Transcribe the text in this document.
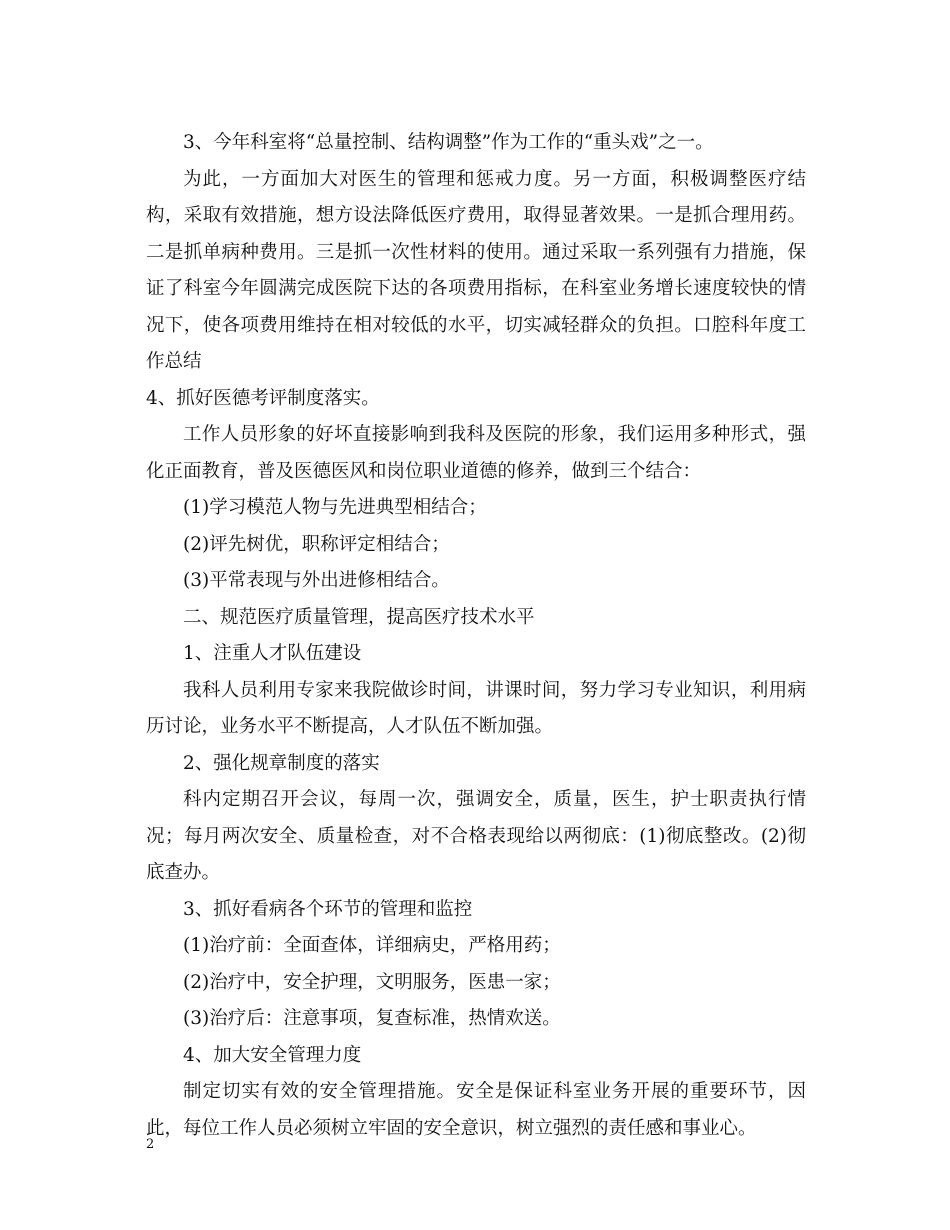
3、今年科室将“总量控制、结构调整”作为工作的“重头戏”之一。

为此，一方面加大对医生的管理和惩戒力度。另一方面，积极调整医疗结构，采取有效措施，想方设法降低医疗费用，取得显著效果。一是抓合理用药。二是抓单病种费用。三是抓一次性材料的使用。通过采取一系列强有力措施，保证了科室今年圆满完成医院下达的各项费用指标，在科室业务增长速度较快的情况下，使各项费用维持在相对较低的水平，切实减轻群众的负担。口腔科年度工作总结

4、抓好医德考评制度落实。

工作人员形象的好坏直接影响到我科及医院的形象，我们运用多种形式，强化正面教育，普及医德医风和岗位职业道德的修养，做到三个结合：

(1)学习模范人物与先进典型相结合；

(2)评先树优，职称评定相结合；

(3)平常表现与外出进修相结合。

二、规范医疗质量管理，提高医疗技术水平

1、注重人才队伍建设

我科人员利用专家来我院做诊时间，讲课时间，努力学习专业知识，利用病历讨论，业务水平不断提高，人才队伍不断加强。

2、强化规章制度的落实

科内定期召开会议，每周一次，强调安全，质量，医生，护士职责执行情况；每月两次安全、质量检查，对不合格表现给以两彻底：(1)彻底整改。(2)彻底查办。

3、抓好看病各个环节的管理和监控

(1)治疗前：全面查体，详细病史，严格用药；

(2)治疗中，安全护理，文明服务，医患一家；

(3)治疗后：注意事项，复查标准，热情欢送。

4、加大安全管理力度

制定切实有效的安全管理措施。安全是保证科室业务开展的重要环节，因此，每位工作人员必须树立牢固的安全意识，树立强烈的责任感和事业心。

2
